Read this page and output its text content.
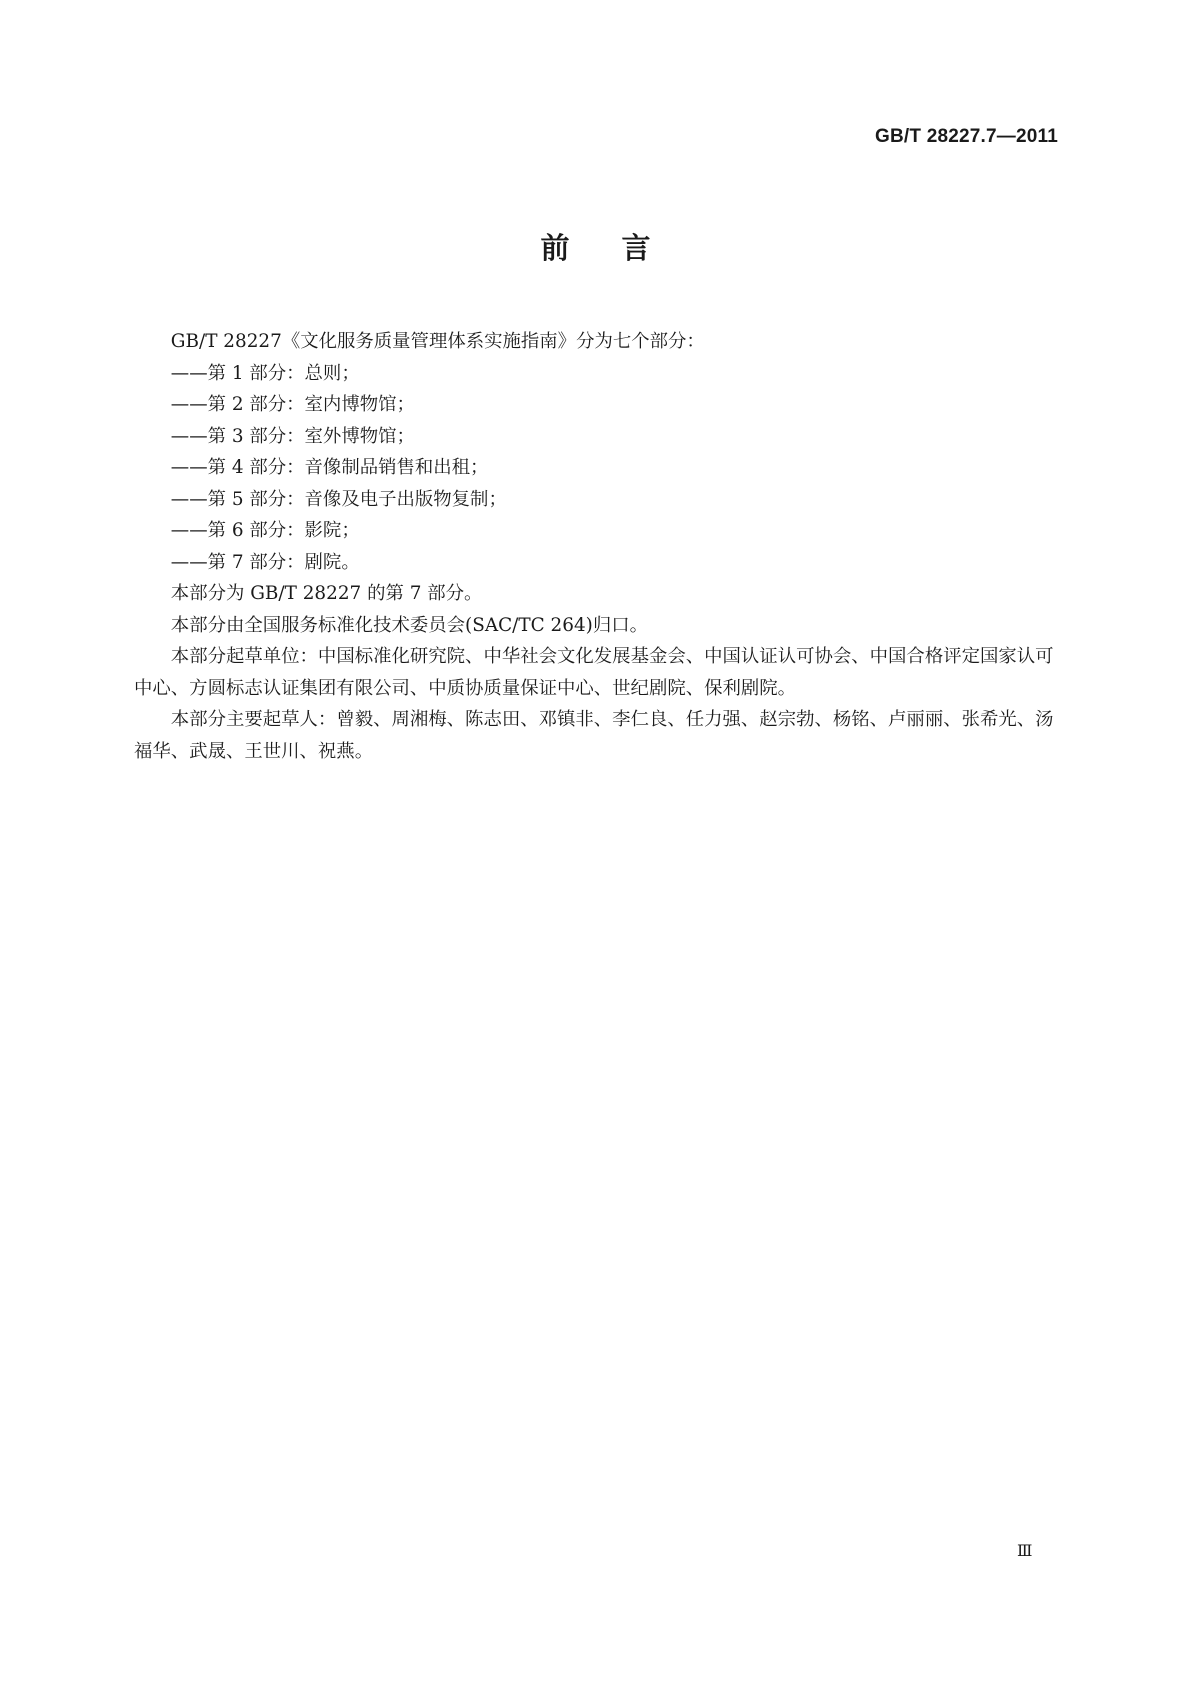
GB/T 28227.7—2011
前言

GB/T 28227《文化服务质量管理体系实施指南》分为七个部分：

——第 1 部分：总则；

——第 2 部分：室内博物馆；

——第 3 部分：室外博物馆；

——第 4 部分：音像制品销售和出租；

——第 5 部分：音像及电子出版物复制；

——第 6 部分：影院；

——第 7 部分：剧院。

本部分为 GB/T 28227 的第 7 部分。

本部分由全国服务标准化技术委员会(SAC/TC 264)归口。

本部分起草单位：中国标准化研究院、中华社会文化发展基金会、中国认证认可协会、中国合格评定国家认可中心、方圆标志认证集团有限公司、中质协质量保证中心、世纪剧院、保利剧院。

本部分主要起草人：曾毅、周湘梅、陈志田、邓镇非、李仁良、任力强、赵宗勃、杨铭、卢丽丽、张希光、汤福华、武晟、王世川、祝燕。

Ⅲ
